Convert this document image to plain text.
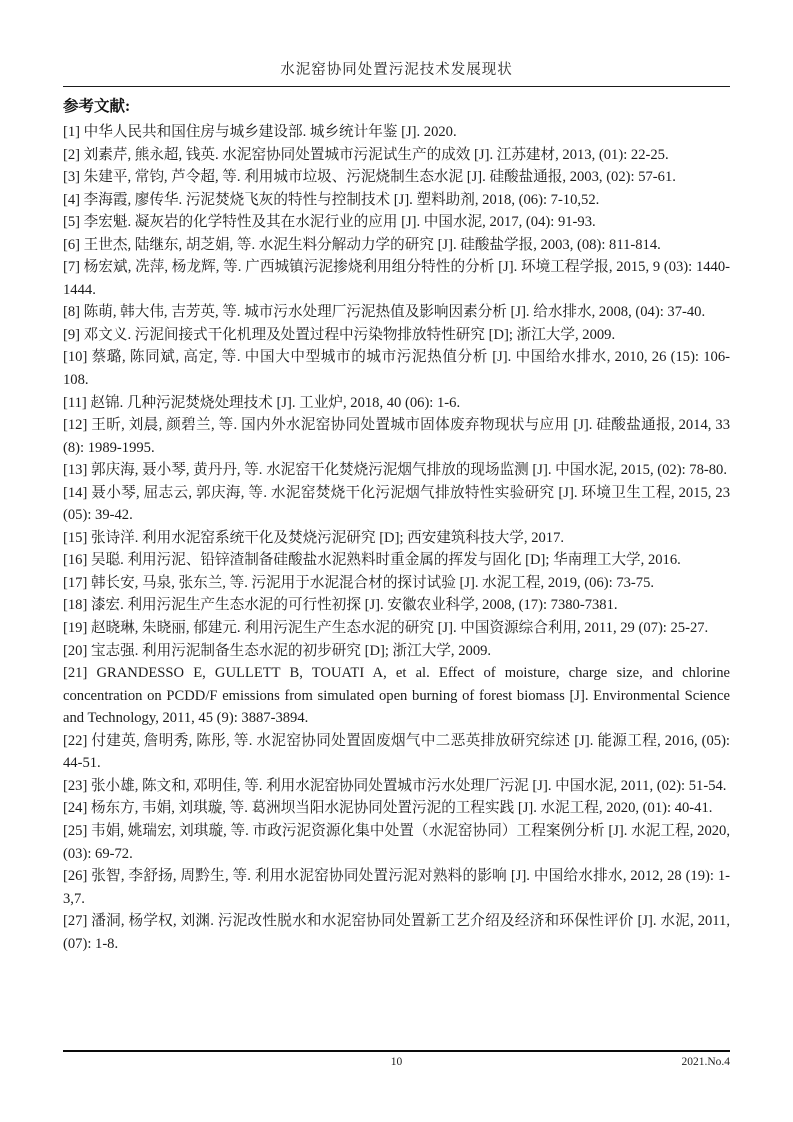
水泥窑协同处置污泥技术发展现状
参考文献:

[1] 中华人民共和国住房与城乡建设部. 城乡统计年鉴 [J]. 2020.

[2] 刘素芹, 熊永超, 钱英. 水泥窑协同处置城市污泥试生产的成效 [J]. 江苏建材, 2013, (01): 22-25.

[3] 朱建平, 常钧, 芦令超, 等. 利用城市垃圾、污泥烧制生态水泥 [J]. 硅酸盐通报, 2003, (02): 57-61.

[4] 李海霞, 廖传华. 污泥焚烧飞灰的特性与控制技术 [J]. 塑料助剂, 2018, (06): 7-10,52.

[5] 李宏魁. 凝灰岩的化学特性及其在水泥行业的应用 [J]. 中国水泥, 2017, (04): 91-93.

[6] 王世杰, 陆继东, 胡芝娟, 等. 水泥生料分解动力学的研究 [J]. 硅酸盐学报, 2003, (08): 811-814.

[7] 杨宏斌, 冼萍, 杨龙辉, 等. 广西城镇污泥掺烧利用组分特性的分析 [J]. 环境工程学报, 2015, 9 (03): 1440-1444.

[8] 陈萌, 韩大伟, 吉芳英, 等. 城市污水处理厂污泥热值及影响因素分析 [J]. 给水排水, 2008, (04): 37-40.

[9] 邓文义. 污泥间接式干化机理及处置过程中污染物排放特性研究 [D]; 浙江大学, 2009.

[10] 蔡璐, 陈同斌, 高定, 等. 中国大中型城市的城市污泥热值分析 [J]. 中国给水排水, 2010, 26 (15): 106-108.

[11] 赵锦. 几种污泥焚烧处理技术 [J]. 工业炉, 2018, 40 (06): 1-6.

[12] 王昕, 刘晨, 颜碧兰, 等. 国内外水泥窑协同处置城市固体废弃物现状与应用 [J]. 硅酸盐通报, 2014, 33 (8): 1989-1995.

[13] 郭庆海, 聂小琴, 黄丹丹, 等. 水泥窑干化焚烧污泥烟气排放的现场监测 [J]. 中国水泥, 2015, (02): 78-80.

[14] 聂小琴, 屈志云, 郭庆海, 等. 水泥窑焚烧干化污泥烟气排放特性实验研究 [J]. 环境卫生工程, 2015, 23 (05): 39-42.

[15] 张诗洋. 利用水泥窑系统干化及焚烧污泥研究 [D]; 西安建筑科技大学, 2017.

[16] 吴聪. 利用污泥、铅锌渣制备硅酸盐水泥熟料时重金属的挥发与固化 [D]; 华南理工大学, 2016.

[17] 韩长安, 马泉, 张东兰, 等. 污泥用于水泥混合材的探讨试验 [J]. 水泥工程, 2019, (06): 73-75.

[18] 漆宏. 利用污泥生产生态水泥的可行性初探 [J]. 安徽农业科学, 2008, (17): 7380-7381.

[19] 赵晓琳, 朱晓丽, 郁建元. 利用污泥生产生态水泥的研究 [J]. 中国资源综合利用, 2011, 29 (07): 25-27.

[20] 宝志强. 利用污泥制备生态水泥的初步研究 [D]; 浙江大学, 2009.

[21] GRANDESSO E, GULLETT B, TOUATI A, et al. Effect of moisture, charge size, and chlorine concentration on PCDD/F emissions from simulated open burning of forest biomass [J]. Environmental Science and Technology, 2011, 45 (9): 3887-3894.

[22] 付建英, 詹明秀, 陈彤, 等. 水泥窑协同处置固废烟气中二恶英排放研究综述 [J]. 能源工程, 2016, (05): 44-51.

[23] 张小雄, 陈文和, 邓明佳, 等. 利用水泥窑协同处置城市污水处理厂污泥 [J]. 中国水泥, 2011, (02): 51-54.

[24] 杨东方, 韦娟, 刘琪璇, 等. 葛洲坝当阳水泥协同处置污泥的工程实践 [J]. 水泥工程, 2020, (01): 40-41.

[25] 韦娟, 姚瑞宏, 刘琪璇, 等. 市政污泥资源化集中处置（水泥窑协同）工程案例分析 [J]. 水泥工程, 2020, (03): 69-72.

[26] 张智, 李舒扬, 周黔生, 等. 利用水泥窑协同处置污泥对熟料的影响 [J]. 中国给水排水, 2012, 28 (19): 1-3,7.

[27] 潘洞, 杨学权, 刘渊. 污泥改性脱水和水泥窑协同处置新工艺介绍及经济和环保性评价 [J]. 水泥, 2011, (07): 1-8.

10	2021.No.4
